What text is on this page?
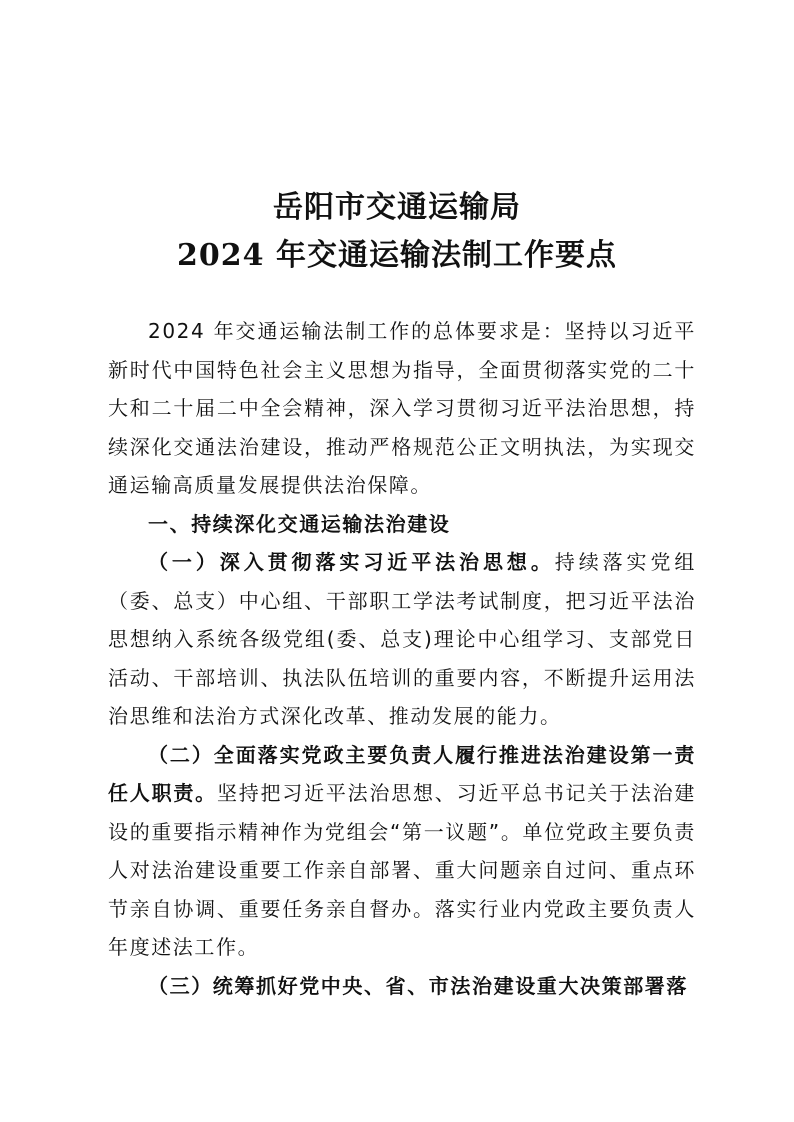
岳阳市交通运输局
2024 年交通运输法制工作要点

2024 年交通运输法制工作的总体要求是：坚持以习近平新时代中国特色社会主义思想为指导，全面贯彻落实党的二十大和二十届二中全会精神，深入学习贯彻习近平法治思想，持续深化交通法治建设，推动严格规范公正文明执法，为实现交通运输高质量发展提供法治保障。

一、持续深化交通运输法治建设

（一）深入贯彻落实习近平法治思想。持续落实党组（委、总支）中心组、干部职工学法考试制度，把习近平法治思想纳入系统各级党组(委、总支)理论中心组学习、支部党日活动、干部培训、执法队伍培训的重要内容，不断提升运用法治思维和法治方式深化改革、推动发展的能力。

（二）全面落实党政主要负责人履行推进法治建设第一责任人职责。坚持把习近平法治思想、习近平总书记关于法治建设的重要指示精神作为党组会“第一议题”。单位党政主要负责人对法治建设重要工作亲自部署、重大问题亲自过问、重点环节亲自协调、重要任务亲自督办。落实行业内党政主要负责人年度述法工作。

（三）统筹抓好党中央、省、市法治建设重大决策部署落
